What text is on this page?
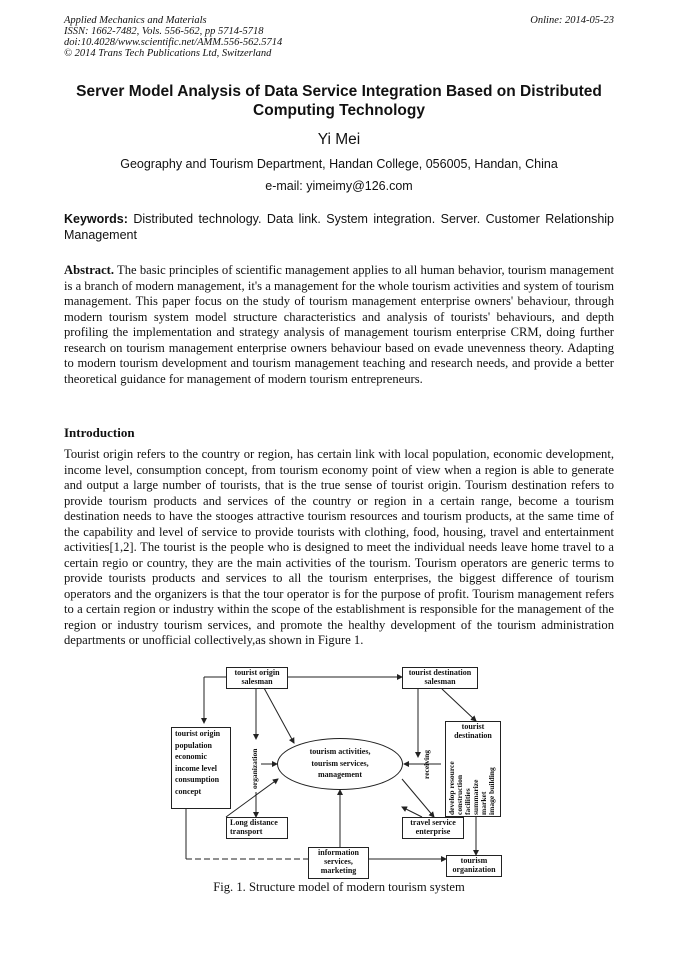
Applied Mechanics and Materials
ISSN: 1662-7482, Vols. 556-562, pp 5714-5718
doi:10.4028/www.scientific.net/AMM.556-562.5714
© 2014 Trans Tech Publications Ltd, Switzerland
Online: 2014-05-23
Server Model Analysis of Data Service Integration Based on Distributed Computing Technology
Yi Mei
Geography and Tourism Department, Handan College, 056005, Handan, China
e-mail: yimeimy@126.com
Keywords: Distributed technology. Data link. System integration. Server. Customer Relationship Management
Abstract. The basic principles of scientific management applies to all human behavior, tourism management is a branch of modern management, it's a management for the whole tourism activities and system of tourism management. This paper focus on the study of tourism management enterprise owners' behaviour, through modern tourism system model structure characteristics and analysis of tourists' behaviours, and depth profiling the implementation and strategy analysis of management tourism enterprise CRM, doing further research on tourism management enterprise owners behaviour based on evade unevenness theory. Adapting to modern tourism development and tourism management teaching and research needs, and provide a better theoretical guidance for management of modern tourism entrepreneurs.
Introduction
Tourist origin refers to the country or region, has certain link with local population, economic development, income level, consumption concept, from tourism economy point of view when a region is able to generate and output a large number of tourists, that is the true sense of tourist origin. Tourism destination refers to provide tourism products and services of the country or region in a certain range, become a tourism destination needs to have the stooges attractive tourism resources and tourism products, at the same time of the capability and level of service to provide tourists with clothing, food, housing, travel and entertainment activities[1,2]. The tourist is the people who is designed to meet the individual needs leave home travel to a certain regio or country, they are the main activities of the tourism. Tourism operators are generic terms to provide tourists products and services to all the tourism enterprises, the biggest difference of tourism operators and the organizers is that the tour operator is for the purpose of profit. Tourism management refers to a certain region or industry within the scope of the establishment is responsible for the management of the region or industry tourism services, and promote the healthy development of the tourism administration departments or unofficial collectively,as shown in Figure 1.
tourist origin
salesman
tourist destination
salesman
tourist origin
population
economic
income level
consumption concept
organization	tourism activities,
tourism services,
management	receiving
tourist
destination
develop resource construction facilities summarize market image building
Long distance
transport
travel service
enterprise
information
services,
marketing
tourism
organization
Fig. 1. Structure model of modern tourism system
